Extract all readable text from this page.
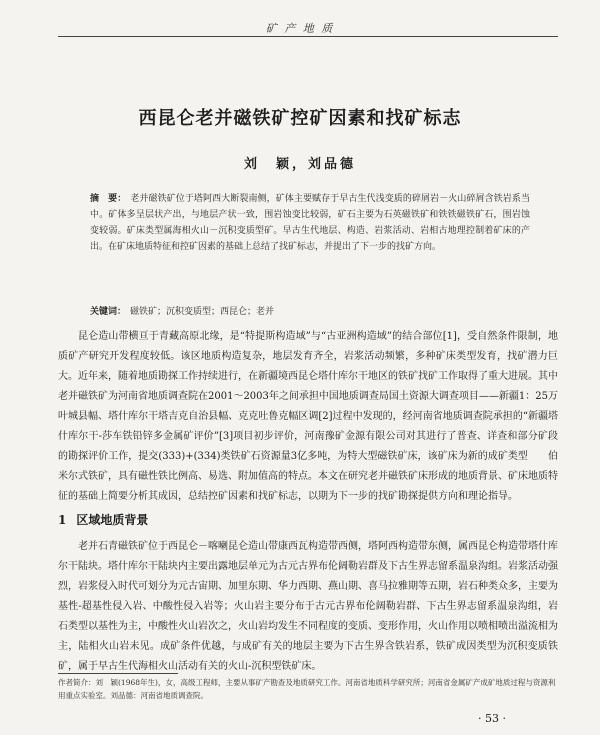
矿 产 地 质
西昆仑老并磁铁矿控矿因素和找矿标志
刘　颖，刘品德
摘　要： 老并磁铁矿位于塔阿西大断裂南侧，矿体主要赋存于早古生代浅变质的碎屑岩－火山碎屑含铁岩系当中。矿体多呈层状产出，与地层产状一致，围岩蚀变比较弱，矿石主要为石英磁铁矿和铁铁磁铁矿石，围岩蚀变较弱。矿床类型属海相火山－沉积变质型矿。早古生代地层、构造、岩浆活动、岩相古地理控制着矿床的产出。在矿床地质特征和控矿因素的基础上总结了找矿标志，并提出了下一步的找矿方向。
关键词： 磁铁矿；沉积变质型；西昆仑；老并

昆仑造山带横亘于青藏高原北缘，是“特提斯构造域”与“古亚洲构造域”的结合部位[1]，受自然条件限制，地质矿产研究开发程度较低。该区地质构造复杂，地层发育齐全，岩浆活动频繁，多种矿床类型发育，找矿潜力巨大。近年来，随着地质勘探工作持续进行，在新疆境西昆仑塔什库尔干地区的铁矿找矿工作取得了重大进展。其中老并磁铁矿为河南省地质调查院在2001～2003年之间承担中国地质调查局国土资源大调查项目——新疆1：25万叶城县幅、塔什库尔干塔吉克自治县幅、克克吐鲁克幅区调[2]过程中发现的，经河南省地质调查院承担的“新疆塔什库尔干-莎车铁铅锌多金属矿评价”[3]项目初步评价，河南豫矿金源有限公司对其进行了普查、详查和部分矿段的勘探评价工作，提交(333)+(334)类铁矿石资源量3亿多吨，为特大型磁铁矿床，该矿床为新的成矿类型　　伯米尔式铁矿，具有磁性铁比例高、易选、附加值高的特点。本文在研究老并磁铁矿床形成的地质背景、矿床地质特征的基础上简要分析其成因，总结控矿因素和找矿标志，以期为下一步的找矿勘探提供方向和理论指导。

1 区域地质背景

老并石青磁铁矿位于西昆仑－喀喇昆仑造山带康西瓦构造带西侧，塔阿西构造带东侧，属西昆仑构造带塔什库尔干陆块。塔什库尔干陆块内主要出露地层单元为古元古界布伦阔勒岩群及下古生界志留系温泉沟组。岩浆活动强烈，岩浆侵入时代可划分为元古宙期、加里东期、华力西期、燕山期、喜马拉雅期等五期，岩石种类众多，主要为基性-超基性侵入岩、中酸性侵入岩等；火山岩主要分布于古元古界布伦阔勒岩群、下古生界志留系温泉沟组，岩石类型以基性为主，中酸性火山岩次之，火山岩均发生不同程度的变质、变形作用，火山作用以喷相喷出溢流相为主，陆相火山岩未见。成矿条件优越，与成矿有关的地层主要为下古生界含铁岩系，铁矿成因类型为沉积变质铁矿，属于早古生代海相火山活动有关的火山-沉积型铁矿床。

作者简介：刘　颖(1968年生)，女，高级工程师，主要从事矿产勘查及地质研究工作。河南省地质科学研究所；河南省金属矿产成矿地质过程与资源利用重点实验室。刘品德：河南省地质调查院。
· 53 ·
